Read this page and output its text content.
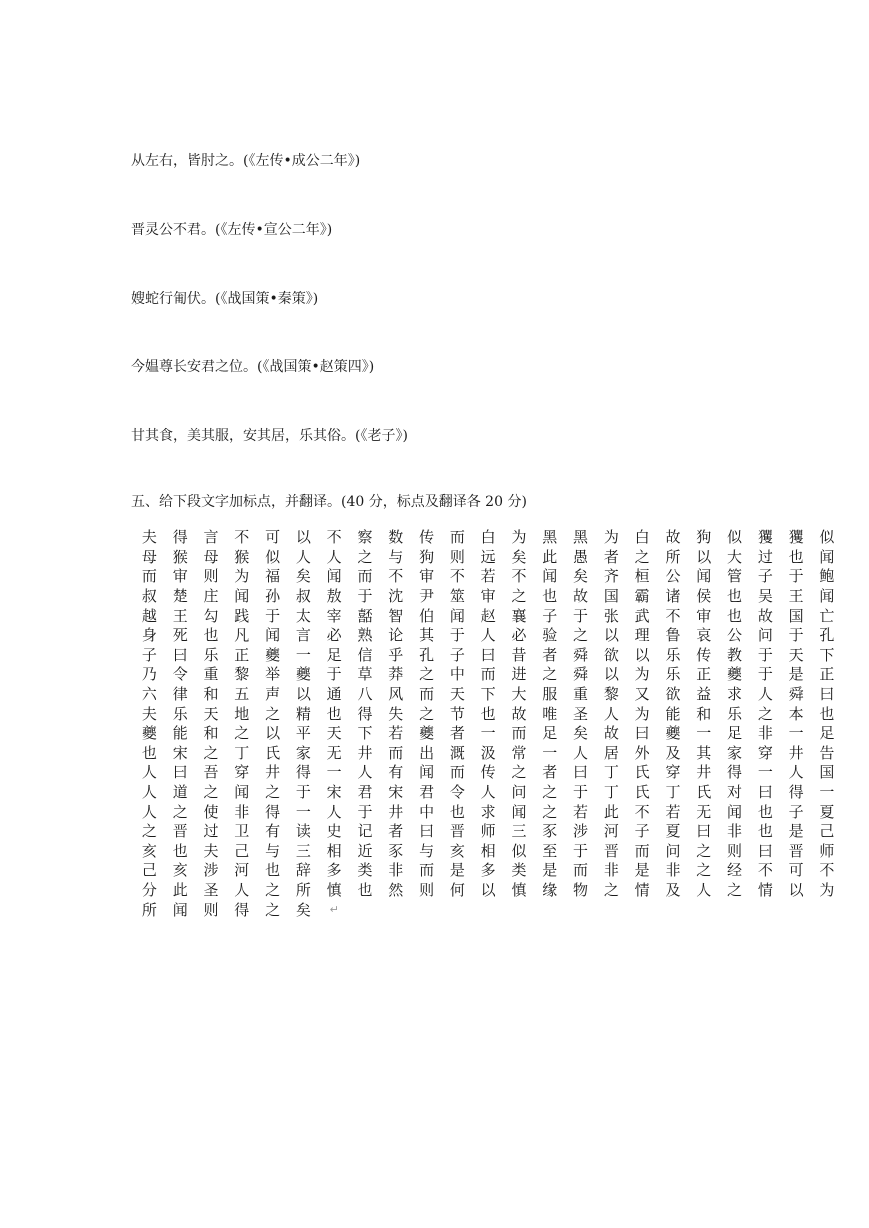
从左右，皆肘之。(《左传•成公二年》)
晋灵公不君。(《左传•宣公二年》)
嫂蛇行匍伏。(《战国策•秦策》)
今媪尊长安君之位。(《战国策•赵策四》)
甘其食，美其服，安其居，乐其俗。(《老子》)
五、给下段文字加标点，并翻译。(40 分，标点及翻译各 20 分)
夫	得	言	不	可	以	不	察	数	传	而	白	为	黑	黑	为	白	故	狗	似	玃	玃	似
母	猴	母	猴	似	人	人	之	与	狗	则	远	矣	此	愚	者	之	所	以	大	过	也	闻
而	审	则	为	福	矣	闻	而	不	审	不	若	不	闻	矣	齐	桓	公	闻	管	子	于	鲍
叔	楚	庄	闻	孙	叔	敖	于	沈	尹	筮	审	之	也	故	国	霸	诸	侯	也	吴	王	闻
越	王	勾	践	于	太	宰	嚭	智	伯	闻	赵	襄	子	于	张	武	不	审	也	故	国	亡
身	死	也	凡	闻	言	必	熟	论	其	于	人	必	验	之	以	理	鲁	哀	公	问	于	孔
子	曰	乐	正	夔	一	足	信	乎	孔	子	曰	昔	者	舜	欲	以	乐	传	教	于	天	下
乃	令	重	黎	举	夔	于	草	莽	之	中	而	进	之	舜	以	为	乐	正	夔	于	是	正
六	律	和	五	声	以	通	八	风	而	天	下	大	服	重	黎	又	欲	益	求	人	舜	曰
夫	乐	天	地	之	精	也	得	失	之	节	也	故	唯	圣	人	为	能	和	乐	之	本	也
夔	能	和	之	以	平	天	下	若	夔	者	一	而	足	矣	故	曰	夔	一	足	非	一	足
也	宋	之	丁	氏	家	无	井	而	出	溉	汲	常	一	人	居	外	及	其	家	穿	井	告
人	曰	吾	穿	井	得	一	人	有	闻	而	传	之	者	曰	丁	氏	穿	井	得	一	人	国
人	道	之	闻	之	于	宋	君	宋	君	令	人	问	之	于	丁	氏	丁	氏	对	曰	得	一
人	之	使	非	得	一	人	于	井	中	也	求	闻	之	若	此	不	若	无	闻	也	子	夏
之	晋	过	卫	有	读	史	记	者	曰	晋	师	三	豕	涉	河	子	夏	曰	非	也	是	己
亥	也	夫	己	与	三	相	近	豕	与	亥	相	似	至	于	晋	而	问	之	则	曰	晋	师
己	亥	涉	河	也	辞	多	类	非	而	是	多	类	是	而	非	是	非	之	经	不	可	不
分	此	圣	人	之	所	慎	也	然	则	何	以	慎	缘	物	之	情	及	人	之	情	以	为
所	闻	则	得	之	矣	↵
